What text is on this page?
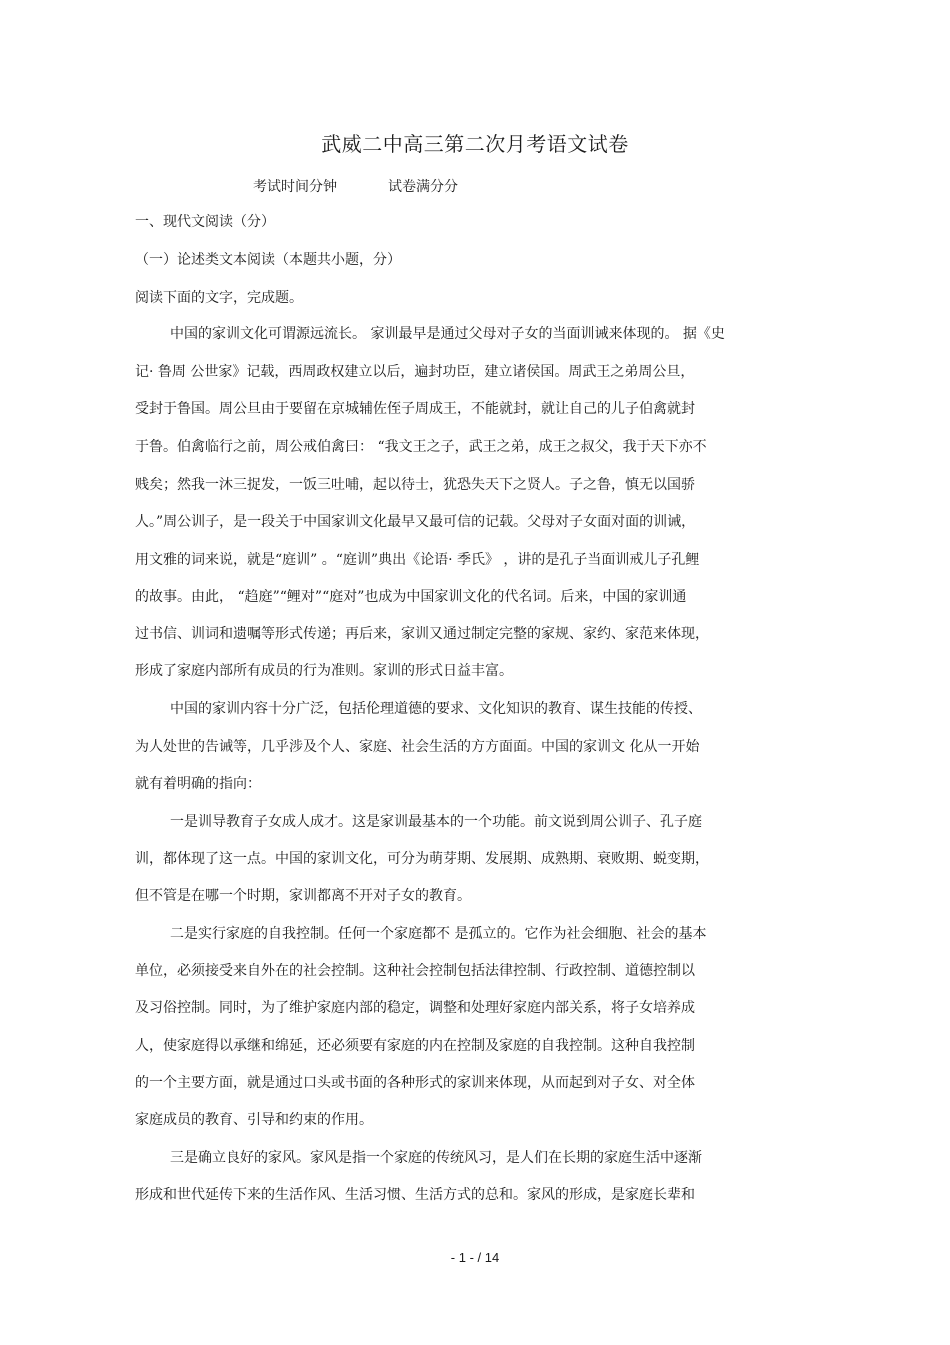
武威二中高三第二次月考语文试卷
考试时间分钟	试卷满分分
一、现代文阅读（分）
（一）论述类文本阅读（本题共小题，分）
阅读下面的文字，完成题。
中国的家训文化可谓源远流长。 家训最早是通过父母对子女的当面训诫来体现的。 据《史
记· 鲁周 公世家》记载，西周政权建立以后，遍封功臣，建立诸侯国。周武王之弟周公旦，
受封于鲁国。周公旦由于要留在京城辅佐侄子周成王，不能就封，就让自己的儿子伯禽就封
于鲁。伯禽临行之前，周公戒伯禽曰： “我文王之子，武王之弟，成王之叔父，我于天下亦不
贱矣；然我一沐三捉发，一饭三吐哺，起以待士，犹恐失天下之贤人。子之鲁，慎无以国骄
人。”周公训子，是一段关于中国家训文化最早又最可信的记载。父母对子女面对面的训诫，
用文雅的词来说，就是“庭训” 。“庭训”典出《论语· 季氏》 ，讲的是孔子当面训戒儿子孔鲤
的故事。由此， “趋庭”“鲤对”“庭对”也成为中国家训文化的代名词。后来，中国的家训通
过书信、训词和遗嘱等形式传递；再后来，家训又通过制定完整的家规、家约、家范来体现，
形成了家庭内部所有成员的行为准则。家训的形式日益丰富。
中国的家训内容十分广泛，包括伦理道德的要求、文化知识的教育、谋生技能的传授、
为人处世的告诫等，几乎涉及个人、家庭、社会生活的方方面面。中国的家训文 化从一开始
就有着明确的指向：
一是训导教育子女成人成才。这是家训最基本的一个功能。前文说到周公训子、孔子庭
训，都体现了这一点。中国的家训文化，可分为萌芽期、发展期、成熟期、衰败期、蜕变期，
但不管是在哪一个时期，家训都离不开对子女的教育。
二是实行家庭的自我控制。任何一个家庭都不 是孤立的。它作为社会细胞、社会的基本
单位，必须接受来自外在的社会控制。这种社会控制包括法律控制、行政控制、道德控制以
及习俗控制。同时，为了维护家庭内部的稳定，调整和处理好家庭内部关系，将子女培养成
人，使家庭得以承继和绵延，还必须要有家庭的内在控制及家庭的自我控制。这种自我控制
的一个主要方面，就是通过口头或书面的各种形式的家训来体现，从而起到对子女、对全体
家庭成员的教育、引导和约束的作用。
三是确立良好的家风。家风是指一个家庭的传统风习，是人们在长期的家庭生活中逐渐
形成和世代延传下来的生活作风、生活习惯、生活方式的总和。家风的形成，是家庭长辈和
- 1 - / 14
